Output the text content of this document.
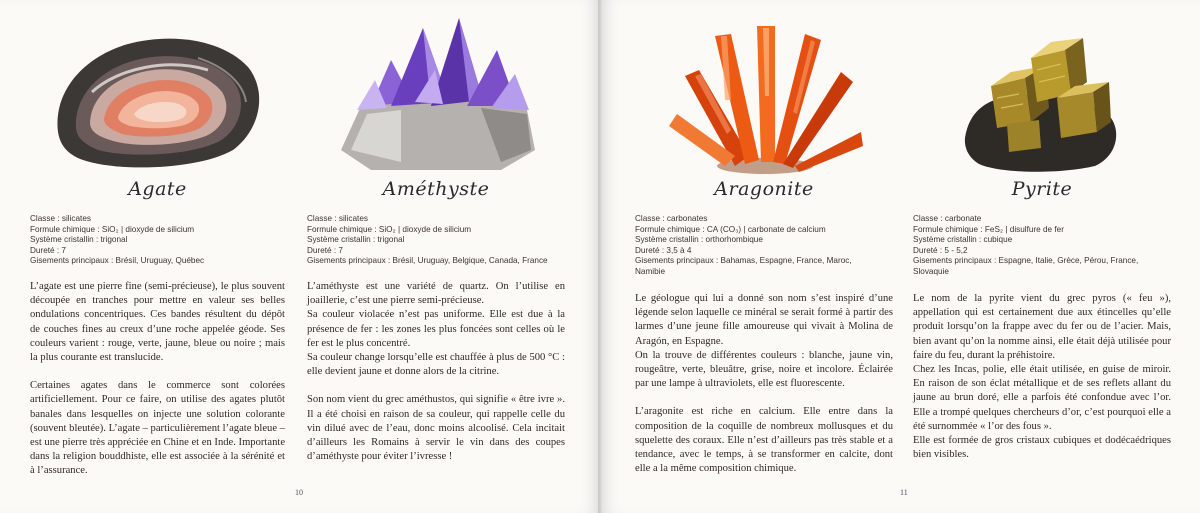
Agate
Classe : silicates
Formule chimique : SiO₂ | dioxyde de silicium
Système cristallin : trigonal
Dureté : 7
Gisements principaux : Brésil, Uruguay, Québec

L’agate est une pierre fine (semi-précieuse), le plus souvent découpée en tranches pour mettre en valeur ses belles ondulations concentriques. Ces bandes résultent du dépôt de couches fines au creux d’une roche appelée géode. Ses couleurs varient : rouge, verte, jaune, bleue ou noire ; mais la plus courante est translucide.

Certaines agates dans le commerce sont colorées artificiellement. Pour ce faire, on utilise des agates plutôt banales dans lesquelles on injecte une solution colorante (souvent bleutée). L’agate – particulièrement l’agate bleue – est une pierre très appréciée en Chine et en Inde. Importante dans la religion bouddhiste, elle est associée à la sérénité et à l’assurance.

Améthyste
Classe : silicates
Formule chimique : SiO₂ | dioxyde de silicium
Système cristallin : trigonal
Dureté : 7
Gisements principaux : Brésil, Uruguay, Belgique, Canada, France

L’améthyste est une variété de quartz. On l’utilise en joaillerie, c’est une pierre semi-précieuse.

Sa couleur violacée n’est pas uniforme. Elle est due à la présence de fer : les zones les plus foncées sont celles où le fer est le plus concentré.

Sa couleur change lorsqu’elle est chauffée à plus de 500 °C : elle devient jaune et donne alors de la citrine.

Son nom vient du grec améthustos, qui signifie « être ivre ». Il a été choisi en raison de sa couleur, qui rappelle celle du vin dilué avec de l’eau, donc moins alcoolisé. Cela incitait d’ailleurs les Romains à servir le vin dans des coupes d’améthyste pour éviter l’ivresse !

Aragonite
Classe : carbonates
Formule chimique : CA (CO₃) | carbonate de calcium
Système cristallin : orthorhombique
Dureté : 3,5 à 4
Gisements principaux : Bahamas, Espagne, France, Maroc,
Namibie

Le géologue qui lui a donné son nom s’est inspiré d’une légende selon laquelle ce minéral se serait formé à partir des larmes d’une jeune fille amoureuse qui vivait à Molina de Aragón, en Espagne.

On la trouve de différentes couleurs : blanche, jaune vin, rougeâtre, verte, bleuâtre, grise, noire et incolore. Éclairée par une lampe à ultraviolets, elle est fluorescente.

L’aragonite est riche en calcium. Elle entre dans la composition de la coquille de nombreux mollusques et du squelette des coraux. Elle n’est d’ailleurs pas très stable et a tendance, avec le temps, à se transformer en calcite, dont elle a la même composition chimique.

Pyrite
Classe : carbonate
Formule chimique : FeS₂ | disulfure de fer
Système cristallin : cubique
Dureté : 5 - 5,2
Gisements principaux : Espagne, Italie, Grèce, Pérou, France,
Slovaquie

Le nom de la pyrite vient du grec pyros (« feu »), appellation qui est certainement due aux étincelles qu’elle produit lorsqu’on la frappe avec du fer ou de l’acier. Mais, bien avant qu’on la nomme ainsi, elle était déjà utilisée pour faire du feu, durant la préhistoire.

Chez les Incas, polie, elle était utilisée, en guise de miroir. En raison de son éclat métallique et de ses reflets allant du jaune au brun doré, elle a parfois été confondue avec l’or. Elle a trompé quelques chercheurs d’or, c’est pourquoi elle a été surnommée « l’or des fous ».

Elle est formée de gros cristaux cubiques et dodécaédriques bien visibles.

10	11
